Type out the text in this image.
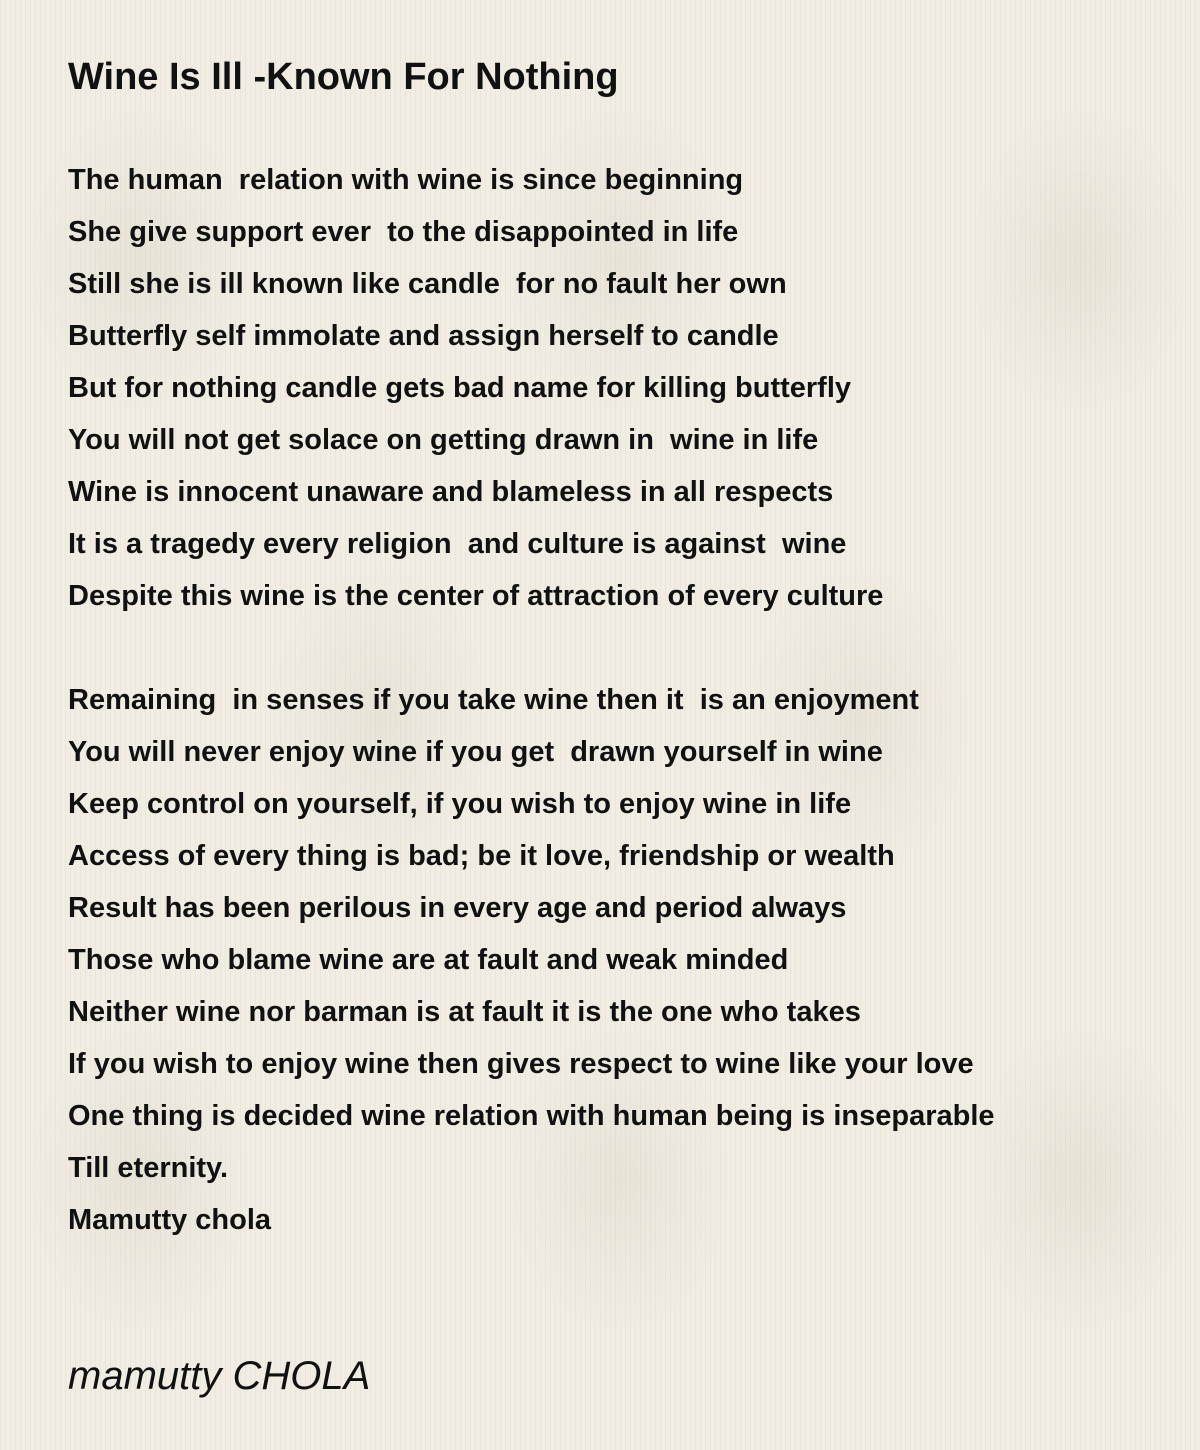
Wine Is Ill -Known For Nothing
The human  relation with wine is since beginning
She give support ever  to the disappointed in life
Still she is ill known like candle  for no fault her own
Butterfly self immolate and assign herself to candle
But for nothing candle gets bad name for killing butterfly
You will not get solace on getting drawn in  wine in life
Wine is innocent unaware and blameless in all respects
It is a tragedy every religion  and culture is against  wine
Despite this wine is the center of attraction of every culture
Remaining  in senses if you take wine then it  is an enjoyment
You will never enjoy wine if you get  drawn yourself in wine
Keep control on yourself, if you wish to enjoy wine in life
Access of every thing is bad; be it love, friendship or wealth
Result has been perilous in every age and period always
Those who blame wine are at fault and weak minded
Neither wine nor barman is at fault it is the one who takes
If you wish to enjoy wine then gives respect to wine like your love
One thing is decided wine relation with human being is inseparable
Till eternity.
Mamutty chola

mamutty CHOLA
